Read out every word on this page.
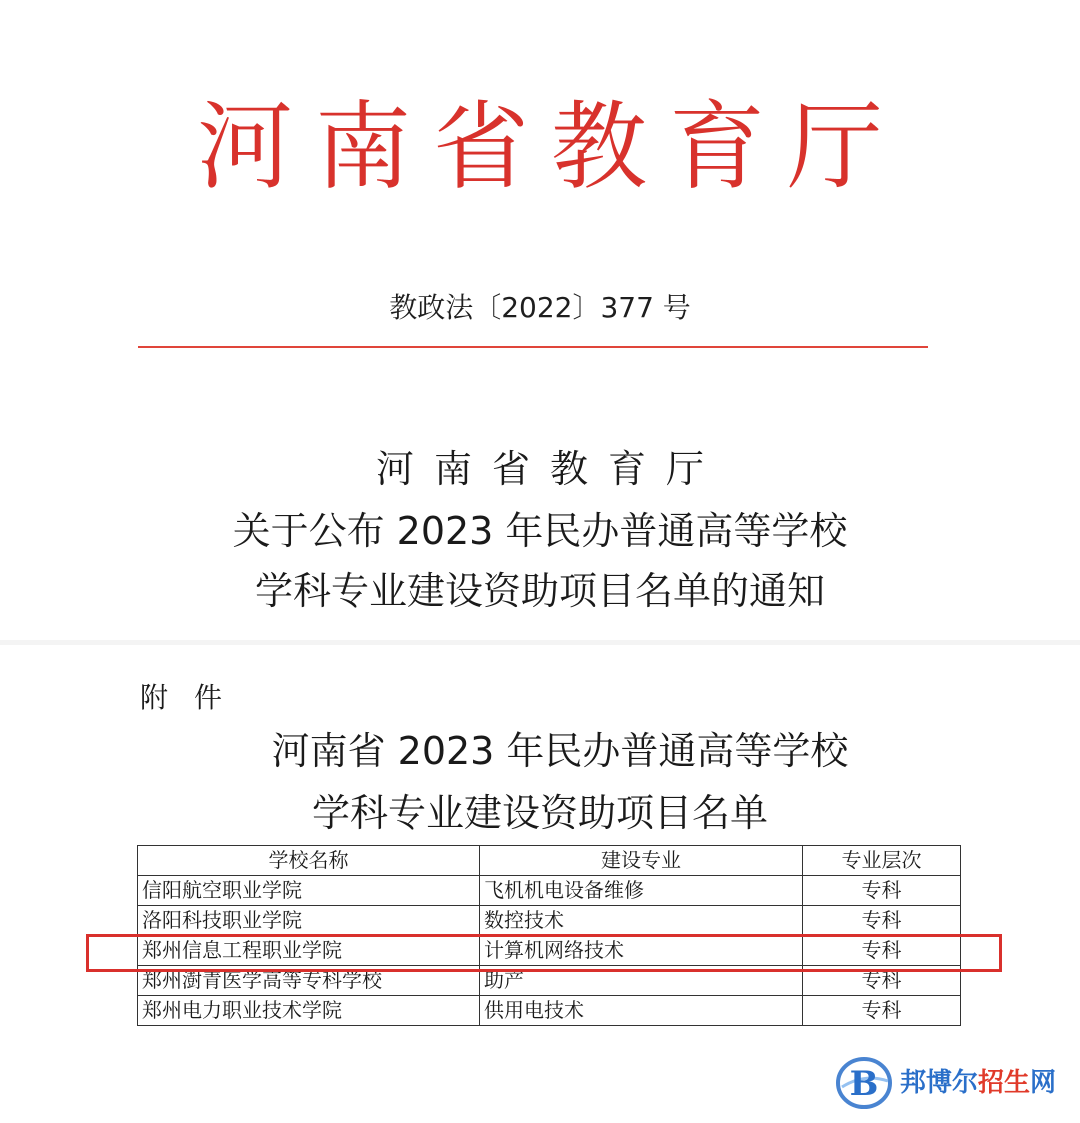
河南省教育厅
教政法〔2022〕377 号
河南省教育厅
关于公布 2023 年民办普通高等学校
学科专业建设资助项目名单的通知
附件
河南省 2023 年民办普通高等学校
学科专业建设资助项目名单
学校名称	建设专业	专业层次
信阳航空职业学院	飞机机电设备维修	专科
洛阳科技职业学院	数控技术	专科
郑州信息工程职业学院	计算机网络技术	专科
郑州澍青医学高等专科学校	助产	专科
郑州电力职业技术学院	供用电技术	专科
B 邦博尔招生网
